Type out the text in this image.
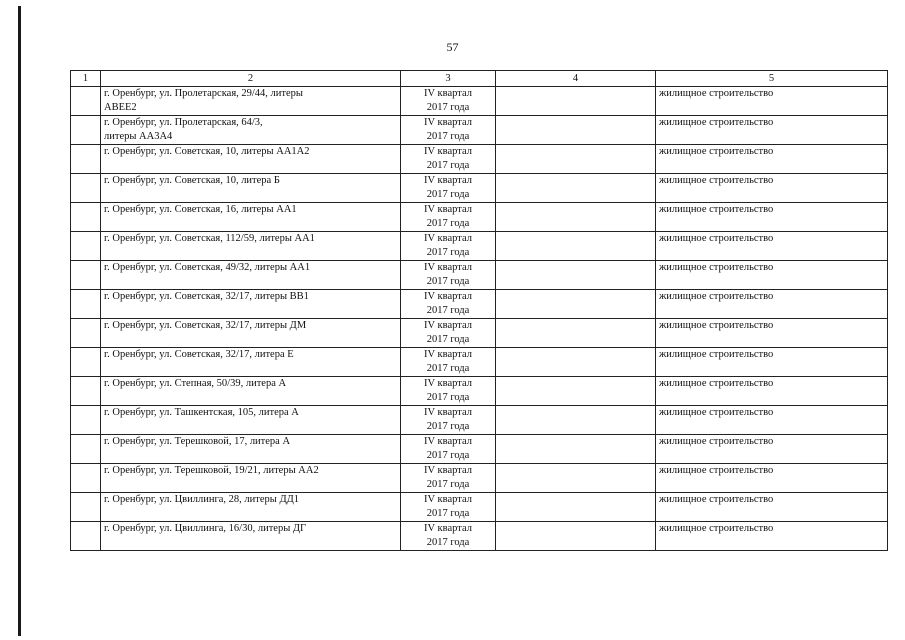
57
1	2	3	4	5

	г. Оренбург, ул. Пролетарская, 29/44, литеры
АВЕЕ2	IV квартал
2017 года		жилищное строительство

	г. Оренбург, ул. Пролетарская, 64/3,
литеры АА3А4	IV квартал
2017 года		жилищное строительство

	г. Оренбург, ул. Советская, 10, литеры АА1А2	IV квартал
2017 года		жилищное строительство

	г. Оренбург, ул. Советская, 10, литера Б	IV квартал
2017 года		жилищное строительство

	г. Оренбург, ул. Советская, 16, литеры АА1	IV квартал
2017 года		жилищное строительство

	г. Оренбург, ул. Советская, 112/59, литеры АА1	IV квартал
2017 года		жилищное строительство

	г. Оренбург, ул. Советская, 49/32, литеры АА1	IV квартал
2017 года		жилищное строительство

	г. Оренбург, ул. Советская, 32/17, литеры ВВ1	IV квартал
2017 года		жилищное строительство

	г. Оренбург, ул. Советская, 32/17, литеры ДМ	IV квартал
2017 года		жилищное строительство

	г. Оренбург, ул. Советская, 32/17, литера Е	IV квартал
2017 года		жилищное строительство

	г. Оренбург, ул. Степная, 50/39, литера А	IV квартал
2017 года		жилищное строительство

	г. Оренбург, ул. Ташкентская, 105, литера А	IV квартал
2017 года		жилищное строительство

	г. Оренбург, ул. Терешковой, 17, литера А	IV квартал
2017 года		жилищное строительство

	г. Оренбург, ул. Терешковой, 19/21, литеры АА2	IV квартал
2017 года		жилищное строительство

	г. Оренбург, ул. Цвиллинга, 28, литеры ДД1	IV квартал
2017 года		жилищное строительство

	г. Оренбург, ул. Цвиллинга, 16/30, литеры ДГ	IV квартал
2017 года		жилищное строительство
